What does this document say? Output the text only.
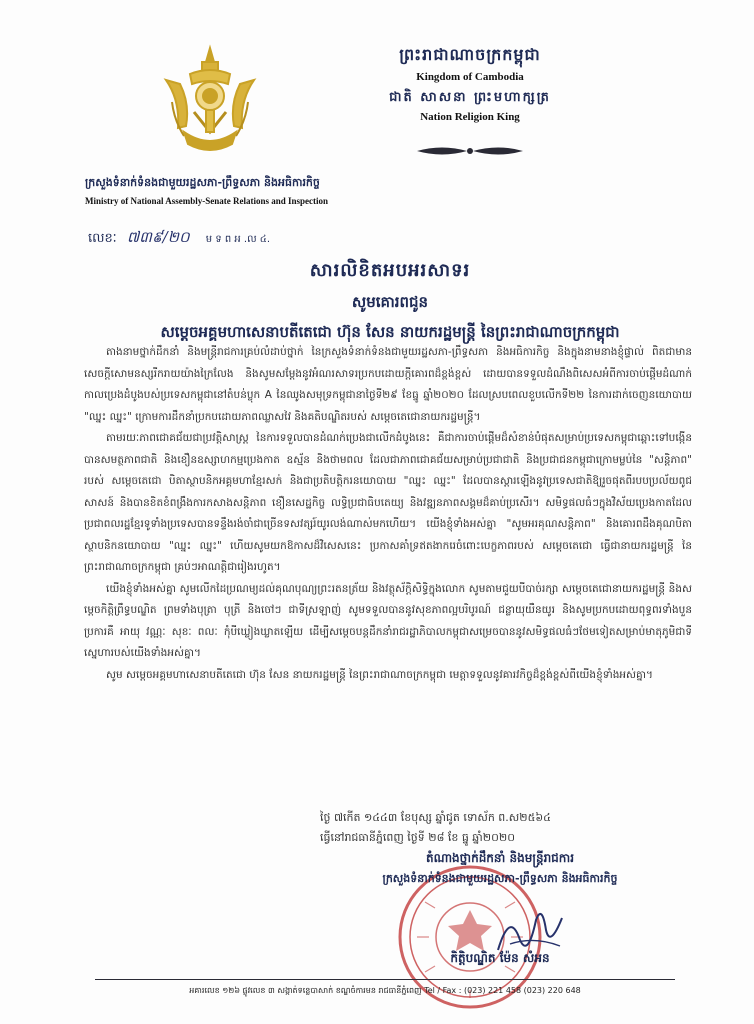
ព្រះរាជាណាចក្រកម្ពុជា
Kingdom of Cambodia
ជាតិ សាសនា ព្រះមហាក្សត្រ
Nation Religion King
ក្រសួងទំនាក់ទំនងជាមួយរដ្ឋសភា-ព្រឹទ្ធសភា និងអធិការកិច្ច
Ministry of National Assembly-Senate Relations and Inspection
លេខៈ ៧៣៩/២០ ម ទ ព អ .ល ៤.
សារលិខិតអបអរសាទរ
សូមគោរពជូន
សម្តេចអគ្គមហាសេនាបតីតេជោ ហ៊ុន សែន នាយករដ្ឋមន្ត្រី នៃព្រះរាជាណាចក្រកម្ពុជា

តាងនាមថ្នាក់ដឹកនាំ និងមន្ត្រីរាជការគ្រប់លំដាប់ថ្នាក់ នៃក្រសួងទំនាក់ទំនងជាមួយរដ្ឋសភា-ព្រឹទ្ធសភា និងអធិការកិច្ច និងក្នុងនាមនាងខ្ញុំផ្ទាល់ ពិតជាមានសេចក្តីសោមនស្សរីករាយយ៉ាងក្រៃលែង និងសូមសម្តែងនូវអំណរសាទរប្រកបដោយក្តីគោរពដ៏ខ្ពង់ខ្ពស់ ដោយបានទទួលដំណឹងពិសេសអំពីការចាប់ផ្តើមដំណាក់កាលប្រេងដំបូងបស់ប្រទេសកម្ពុជានៅតំបន់ប្លុក A នៃឈូងសមុទ្រកម្ពុជានាថ្ងៃទី២៩ ខែធ្នូ ឆ្នាំ២០២០ ដែលស្របពេលខួបលើកទី២២ នៃការដាក់ចេញនយោបាយ "ឈ្នះ ឈ្នះ" ក្រោមការដឹកនាំប្រកបដោយភាពឈ្លាសវៃ និងគតិបណ្ឌិតរបស់ សម្តេចតេជោនាយករដ្ឋមន្ត្រី។

តាមរយៈភាពជោគជ័យជាប្រវត្តិសាស្ត្រ នៃការទទួលបានដំណក់ប្រេងជាលើកដំបូងនេះ គឺជាការចាប់ផ្តើមដ៏សំខាន់បំផុតសម្រាប់ប្រទេសកម្ពុជាឆ្ពោះទៅបង្កើនបានសមត្ថភាពជាតិ និងខឿនឧស្សាហកម្មប្រេងកាត ឧស្ម័ន និងថាមពល ដែលជាភាពជោគជ័យសម្រាប់ប្រជាជាតិ និងប្រជាជនកម្ពុជាក្រោមម្លប់នៃ "សន្តិភាព" របស់ សម្តេចតេជោ បិតាស្ថាបនិកអគ្គមហាខ្មែរសក់ និងជាប្រតិបត្តិករនយោបាយ "ឈ្នះ ឈ្នះ" ដែលបានស្តារឡើងនូវប្រទេសជាតិឱ្យរួចផុតពីរបបប្រល័យពូជសាសន៍ និងបានខិតខំពង្រឹងការកសាងសន្តិភាព ខឿនសេដ្ឋកិច្ច លទ្ធិប្រជាធិបតេយ្យ និងវឌ្ឍនភាពសង្គមដ៏គាប់ប្រសើរ។ សមិទ្ធផលធំៗក្នុងវិស័យប្រេងកាតដែលប្រជាពលរដ្ឋខ្មែរទូទាំងប្រទេសបានទន្ទឹងរង់ចាំជាច្រើនទសវត្សរ៍យូរលង់ណាស់មកហើយ។ យើងខ្ញុំទាំងអស់គ្នា "សូមអរគុណសន្តិភាព" និងគោរពដឹងគុណបិតាស្ថាបនិកនយោបាយ "ឈ្នះ ឈ្នះ" ហើយសូមយកឱកាសដ៏វិសេសនេះ ប្រកាសគាំទ្រឥតងាករេចំពោះបេក្ខភាពរបស់ សម្តេចតេជោ ធ្វើជានាយករដ្ឋមន្ត្រី នៃព្រះរាជាណាចក្រកម្ពុជា គ្រប់ៗអាណត្តិជារៀងរហូត។

យើងខ្ញុំទាំងអស់គ្នា សូមលើកដៃប្រណម្យដល់គុណបុណ្យព្រះរតនត្រ័យ និងវត្ថុស័ក្តិសិទ្ធិក្នុងលោក សូមតាមជួយបីបាច់រក្សា សម្តេចតេជោនាយករដ្ឋមន្ត្រី និងសម្តេចកិត្តិព្រឹទ្ធបណ្ឌិត ព្រមទាំងបុត្រា បុត្រី និងចៅៗ ជាទីស្រឡាញ់ សូមទទួលបាននូវសុខភាពល្អបរិបូរណ៍ ជន្លាយុយឺនយូរ និងសូមប្រកបដោយពុទ្ធពរទាំងបួនប្រការគឺ អាយុ វណ្ណៈ សុខៈ ពលៈ កុំបីឃ្លៀងឃ្លាតឡើយ ដើម្បីសម្តេចបន្តដឹកនាំរាជរដ្ឋាភិបាលកម្ពុជាសម្រេចបាននូវសមិទ្ធផលធំៗថែមទៀតសម្រាប់មាតុភូមិជាទីស្នេហារបស់យើងទាំងអស់គ្នា។

សូម សម្តេចអគ្គមហាសេនាបតីតេជោ ហ៊ុន សែន នាយករដ្ឋមន្ត្រី នៃព្រះរាជាណាចក្រកម្ពុជា មេត្តាទទួលនូវគារវកិច្ចដ៏ខ្ពង់ខ្ពស់ពីយើងខ្ញុំទាំងអស់គ្នា។

ថ្ងៃ ៧កើត ១៤៤៣ ខែបុស្ស ឆ្នាំជូត ទោស័ក ព.ស២៥៦៤
ធ្វើនៅរាជធានីភ្នំពេញ ថ្ងៃទី ២៨ ខែ ធ្នូ ឆ្នាំ២០២០
តំណាងថ្នាក់ដឹកនាំ និងមន្ត្រីរាជការ
ក្រសួងទំនាក់ទំនងជាមួយរដ្ឋសភា-ព្រឹទ្ធសភា និងអធិការកិច្ច
កិត្តិបណ្ឌិត ម៉ែន សំអន
អគារលេខ ១២៦ ផ្លូវលេខ ៣ សង្កាត់ទន្លេបាសាក់ ខណ្ឌចំការមន រាជធានីភ្នំពេញ Tel / Fax : (023) 221 458 (023) 220 648
